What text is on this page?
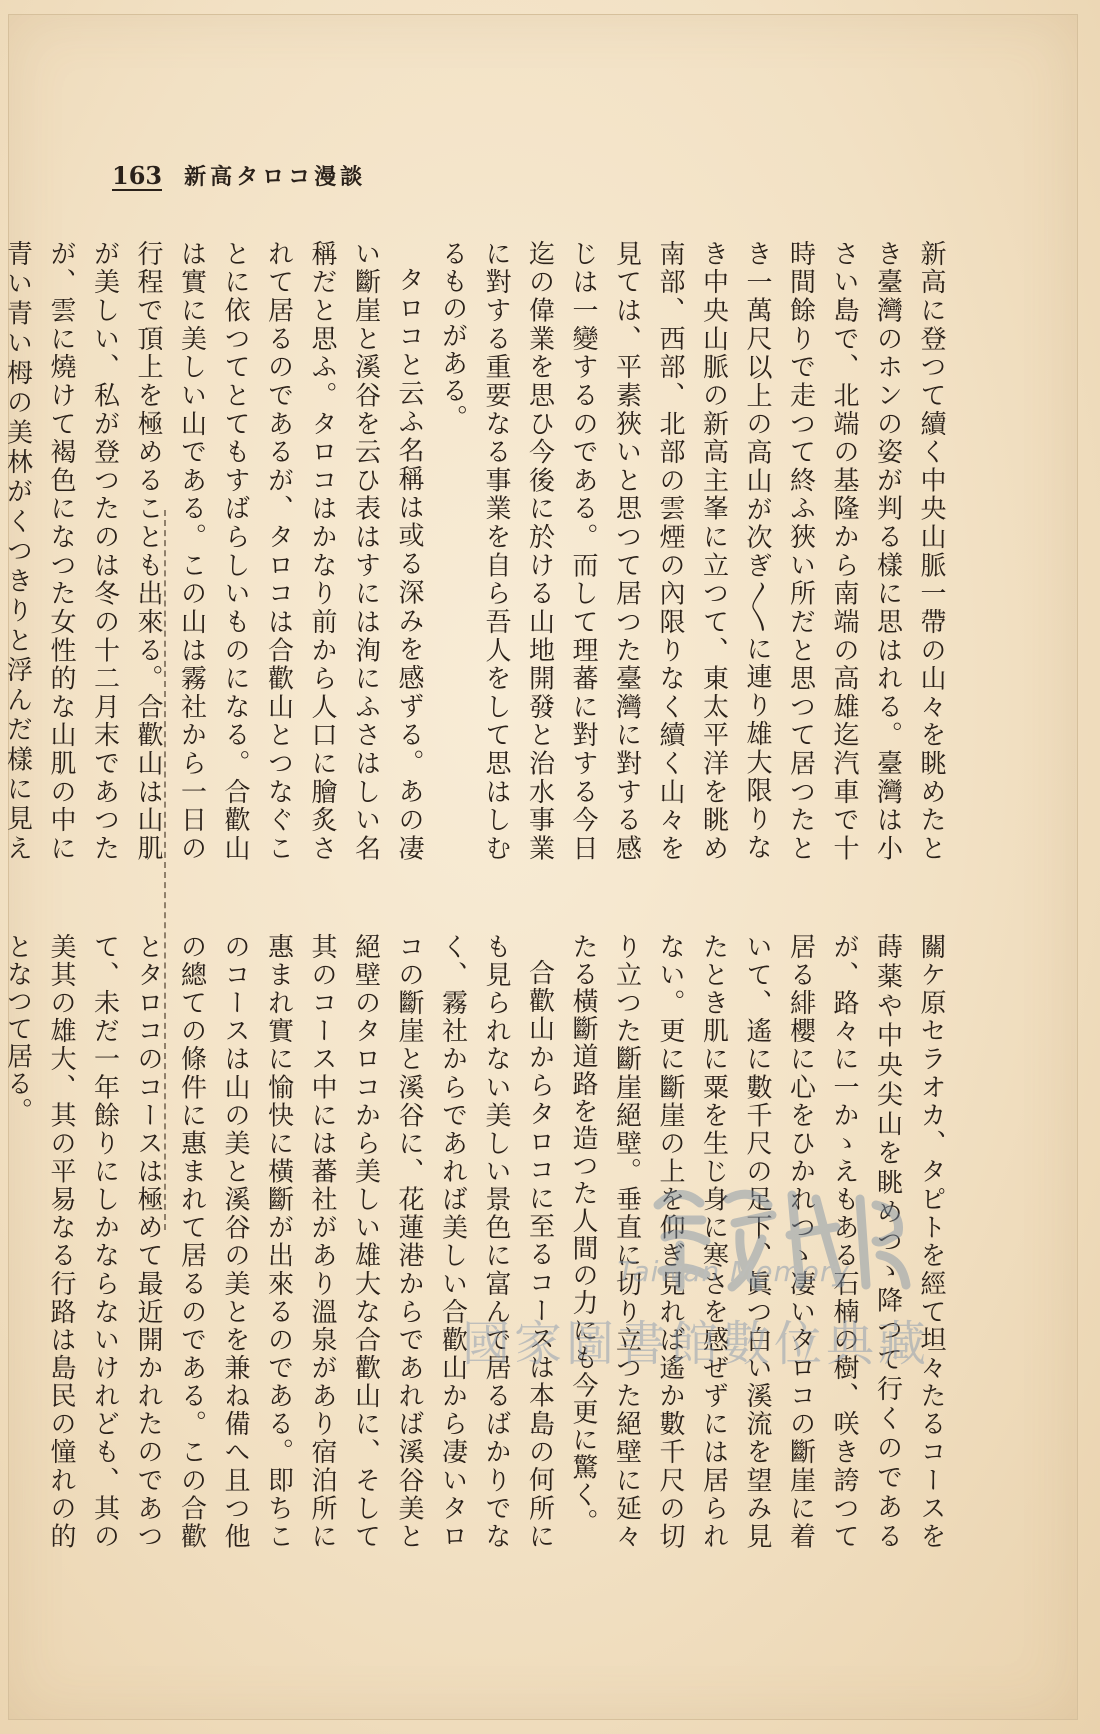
163 新高タロコ漫談

新高に登つて續く中央山脈一帶の山々を眺めたとき臺灣のホンの姿が判る樣に思はれる。臺灣は小さい島で、北端の基隆から南端の高雄迄汽車で十時間餘りで走つて終ふ狹い所だと思つて居つたとき一萬尺以上の高山が次ぎ〳〵に連り雄大限りなき中央山脈の新高主峯に立つて、東太平洋を眺め南部、西部、北部の雲煙の內限りなく續く山々を見ては、平素狹いと思つて居つた臺灣に對する感じは一變するのである。而して理蕃に對する今日迄の偉業を思ひ今後に於ける山地開發と治水事業に對する重要なる事業を自ら吾人をして思はしむるものがある。

タロコと云ふ名稱は或る深みを感ずる。あの凄い斷崖と溪谷を云ひ表はすには洵にふさはしい名稱だと思ふ。タロコはかなり前から人口に膾炙されて居るのであるが、タロコは合歡山とつなぐことに依つてとてもすばらしいものになる。合歡山は實に美しい山である。この山は霧社から一日の行程で頂上を極めることも出來る。合歡山は山肌が美しい、私が登つたのは冬の十二月末であつたが、雲に燒けて褐色になつた女性的な山肌の中に青い青い栂の美林がくつきりと浮んだ樣に見え

關ケ原セラオカ、タピトを經て坦々たるコースを蒔薬や中央尖山を眺めつゝ降つて行くのであるが、路々に一かゝえもある石楠の樹、咲き誇つて居る緋櫻に心をひかれつゝ凄いタロコの斷崖に着いて、遙に數千尺の足下、眞つ白い溪流を望み見たとき肌に粟を生じ身に寒さを感ぜずには居られない。更に斷崖の上を仰ぎ見れば遙か數千尺の切り立つた斷崖絕壁。垂直に切り立つた絕壁に延々たる橫斷道路を造つた人間の力にも今更に驚く。

合歡山からタロコに至るコースは本島の何所にも見られない美しい景色に富んで居るばかりでなく、霧社からであれば美しい合歡山から凄いタロコの斷崖と溪谷に、花蓮港からであれば溪谷美と絕壁のタロコから美しい雄大な合歡山に、そして其のコース中には蕃社があり溫泉があり宿泊所に惠まれ實に愉快に橫斷が出來るのである。即ちこのコースは山の美と溪谷の美とを兼ね備へ且つ他の總ての條件に惠まれて居るのである。この合歡とタロコのコースは極めて最近開かれたのであつて、未だ一年餘りにしかならないけれども、其の美其の雄大、其の平易なる行路は島民の憧れの的となつて居る。

Taiwan Memory
國家圖書館數位典藏
